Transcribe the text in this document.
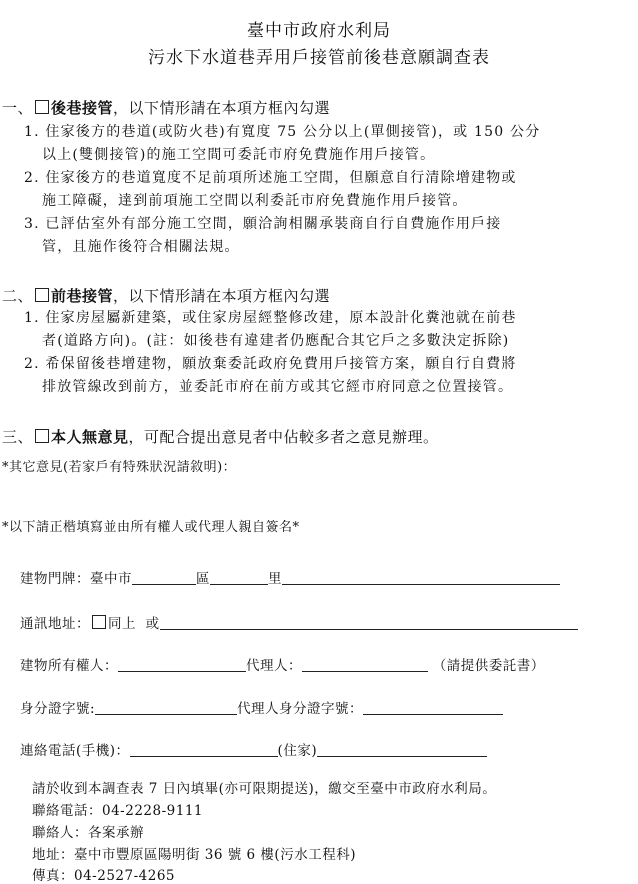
臺中市政府水利局
污水下水道巷弄用戶接管前後巷意願調查表
一、 後巷接管，以下情形請在本項方框內勾選
1. 住家後方的巷道(或防火巷)有寬度 75 公分以上(單側接管)，或 150 公分
以上(雙側接管)的施工空間可委託市府免費施作用戶接管。
2. 住家後方的巷道寬度不足前項所述施工空間，但願意自行清除增建物或
施工障礙，達到前項施工空間以利委託市府免費施作用戶接管。
3. 已評估室外有部分施工空間，願洽詢相關承裝商自行自費施作用戶接
管，且施作後符合相關法規。
二、 前巷接管，以下情形請在本項方框內勾選
1. 住家房屋屬新建築，或住家房屋經整修改建，原本設計化糞池就在前巷
者(道路方向)。(註：如後巷有違建者仍應配合其它戶之多數決定拆除)
2. 希保留後巷增建物，願放棄委託政府免費用戶接管方案，願自行自費將
排放管線改到前方，並委託市府在前方或其它經市府同意之位置接管。
三、 本人無意見，可配合提出意見者中佔較多者之意見辦理。
*其它意見(若家戶有特殊狀況請敘明)：
*以下請正楷填寫並由所有權人或代理人親自簽名*
建物門牌：臺中市	區	里
通訊地址： 同上 或
建物所有權人：	代理人：	（請提供委託書）
身分證字號:	代理人身分證字號：
連絡電話(手機)：	(住家)
請於收到本調查表 7 日內填畢(亦可限期提送)，繳交至臺中市政府水利局。
聯絡電話：04-2228-9111
聯絡人：各案承辦
地址：臺中市豐原區陽明街 36 號 6 樓(污水工程科)
傳真：04-2527-4265
